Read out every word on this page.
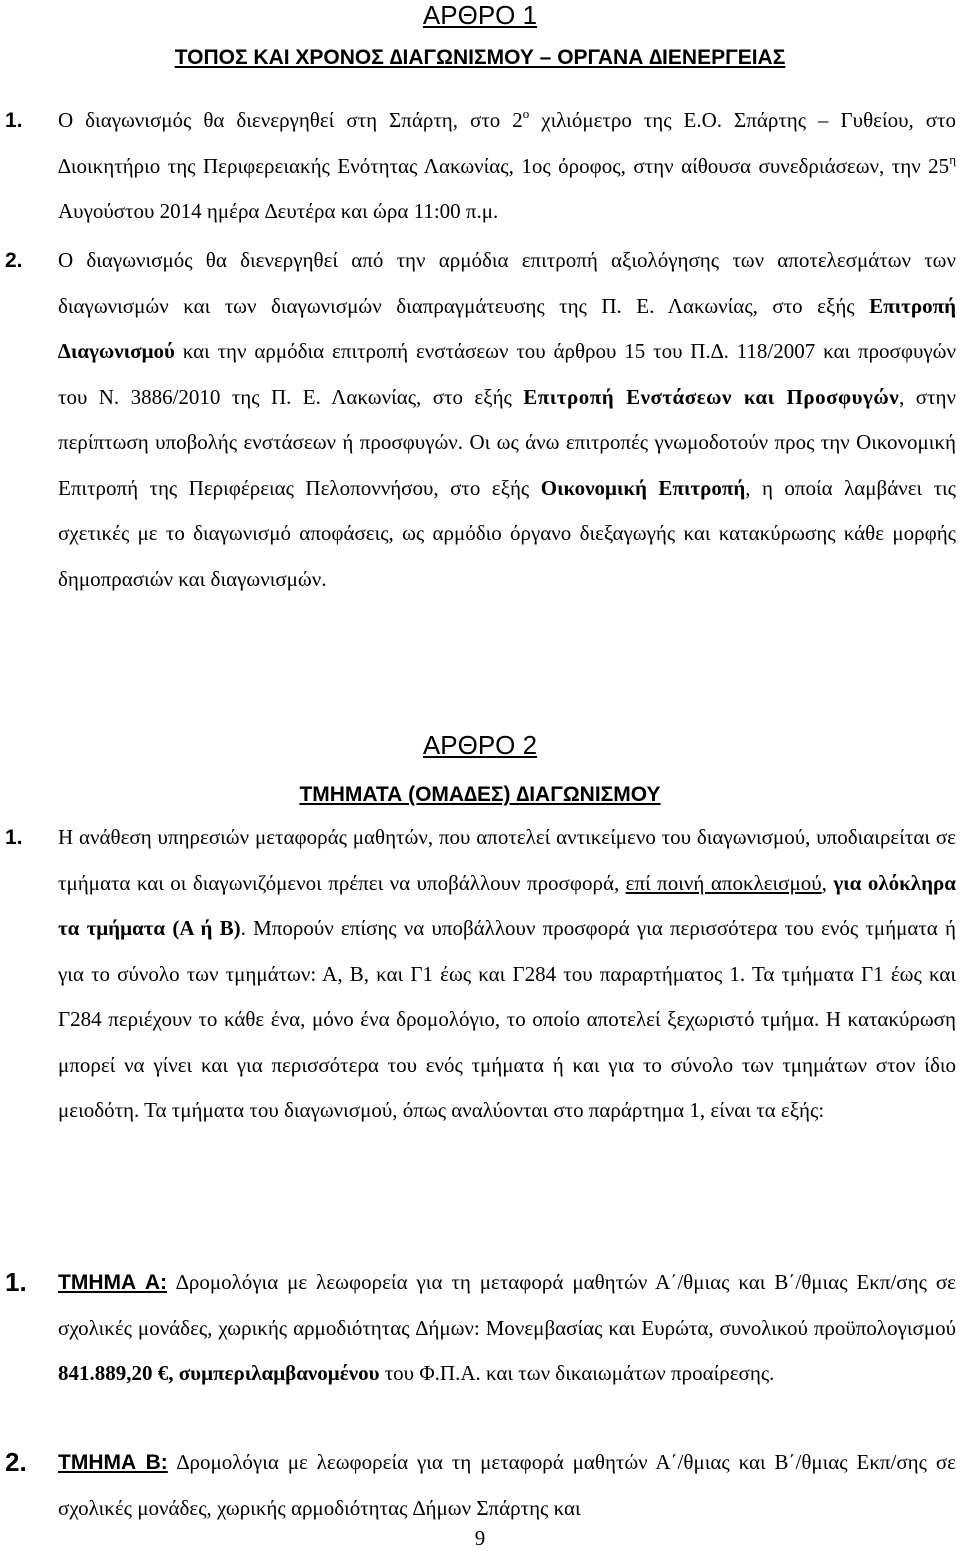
ΑΡΘΡΟ 1
ΤΟΠΟΣ ΚΑΙ ΧΡΟΝΟΣ ∆ΙΑΓΩΝΙΣΜΟΥ – ΟΡΓΑΝΑ ∆ΙΕΝΕΡΓΕΙΑΣ

1. Ο διαγωνισμός θα διενεργηθεί στη Σπάρτη, στο $2^o$ χιλιόμετρο της Ε.Ο. Σπάρτης – Γυθείου, στο ∆ιοικητήριο της Περιφερειακής Ενότητας Λακωνίας, 1ος όροφος, στην αίθουσα συνεδριάσεων, την $25^\eta$ Αυγούστου 2014 ημέρα ∆ευτέρα και ώρα 11:00 π.μ.

2. Ο διαγωνισμός θα διενεργηθεί από την αρμόδια επιτροπή αξιολόγησης των αποτελεσμάτων των διαγωνισμών και των διαγωνισμών διαπραγμάτευσης της Π. Ε. Λακωνίας, στο εξής Επιτροπή ∆ιαγωνισμού και την αρμόδια επιτροπή ενστάσεων του άρθρου 15 του Π.∆. 118/2007 και προσφυγών του Ν. 3886/2010 της Π. Ε. Λακωνίας, στο εξής Επιτροπή Ενστάσεων και Προσφυγών, στην περίπτωση υποβολής ενστάσεων ή προσφυγών. Οι ως άνω επιτροπές γνωμοδοτούν προς την Οικονομική Επιτροπή της Περιφέρειας Πελοποννήσου, στο εξής Οικονομική Επιτροπή, η οποία λαμβάνει τις σχετικές με το διαγωνισμό αποφάσεις, ως αρμόδιο όργανο διεξαγωγής και κατακύρωσης κάθε μορφής δημοπρασιών και διαγωνισμών.

ΑΡΘΡΟ 2
ΤΜΗΜΑΤΑ (ΟΜΑ∆ΕΣ) ∆ΙΑΓΩΝΙΣΜΟΥ

1. Η ανάθεση υπηρεσιών μεταφοράς μαθητών, που αποτελεί αντικείμενο του διαγωνισμού, υποδιαιρείται σε τμήματα και οι διαγωνιζόμενοι πρέπει να υποβάλλουν προσφορά, επί ποινή αποκλεισμού, για ολόκληρα τα τμήματα (Α ή Β). Μπορούν επίσης να υποβάλλουν προσφορά για περισσότερα του ενός τμήματα ή για το σύνολο των τμημάτων: Α, Β, και Γ1 έως και Γ284 του παραρτήματος 1. Τα τμήματα Γ1 έως και Γ284 περιέχουν το κάθε ένα, μόνο ένα δρομολόγιο, το οποίο αποτελεί ξεχωριστό τμήμα. Η κατακύρωση μπορεί να γίνει και για περισσότερα του ενός τμήματα ή και για το σύνολο των τμημάτων στον ίδιο μειοδότη. Τα τμήματα του διαγωνισμού, όπως αναλύονται στο παράρτημα 1, είναι τα εξής:

1. ΤΜΗΜΑ Α: ∆ρομολόγια με λεωφορεία για τη μεταφορά μαθητών Α΄/θμιας και Β΄/θμιας Εκπ/σης σε σχολικές μονάδες, χωρικής αρμοδιότητας ∆ήμων: Μονεμβασίας και Ευρώτα, συνολικού προϋπολογισμού 841.889,20 €, συμπεριλαμβανομένου του Φ.Π.Α. και των δικαιωμάτων προαίρεσης.

2. ΤΜΗΜΑ Β: ∆ρομολόγια με λεωφορεία για τη μεταφορά μαθητών Α΄/θμιας και Β΄/θμιας Εκπ/σης σε σχολικές μονάδες, χωρικής αρμοδιότητας ∆ήμων Σπάρτης και

9
